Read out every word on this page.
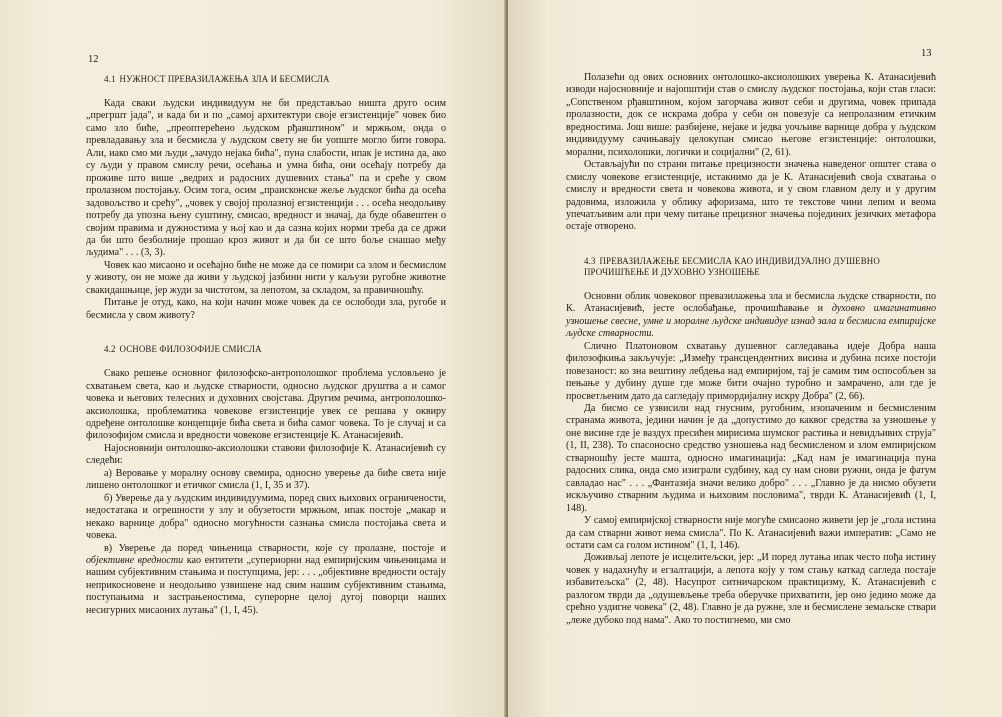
12
13
4.1 НУЖНОСТ ПРЕВАЗИЛАЖЕЊА ЗЛА И БЕСМИСЛА

Када сваки људски индивидуум не би представљао ништа друго осим „прегршт јада", и када би и по „самој архитектури своје егзистенције" човек био само зло биће, „преоптерећено људском рђавштином" и мржњом, онда о превладавању зла и бесмисла у људском свету не би уопште могло бити говора. Али, иако смо ми људи „зачудо нејака бића", пуна слабости, ипак је истина да, ако су људи у правом смислу речи, осећања и умна бића, они осећају потребу да проживе што више „ведрих и радосних душевних стања" па и среће у свом пролазном постојању. Осим тога, осим „праисконске жеље људског бића да осећа задовољство и срећу", „човек у својој пролазној егзистенцији . . . осећа неодољиву потребу да упозна њену суштину, смисао, вредност и значај, да буде обавештен о својим правима и дужностима у њој као и да сазна којих норми треба да се држи да би што безболније прошао кроз живот и да би се што боље снашао међу људима" . . . (3, 3).

Човек као мисаоно и осећајно биће не може да се помири са злом и бесмислом у животу, он не може да живи у људској јазбини нити у каљузи ругобне животне свакидашњице, јер жуди за чистотом, за лепотом, за складом, за правичношћу.

Питање је отуд, како, на који начин може човек да се ослободи зла, ругобе и бесмисла у свом животу?

4.2 ОСНОВЕ ФИЛОЗОФИЈЕ СМИСЛА

Свако решење основног филозофско-антрополошког проблема условљено је схватањем света, као и људске стварности, односно људског друштва а и самог човека и његових телесних и духовних својстава. Другим речима, антрополошко-аксиолошка, проблематика човекове егзистенције увек се решава у оквиру одређене онтолошке концепције бића света и бића самог човека. То је случај и са филозофијом смисла и вредности човекове егзистенције К. Атанасијевић.

Најосновнији онтолошко-аксиолошки ставови филозофије К. Атанасијевић су следећи:

а) Веровање у моралну основу свемира, односно уверење да биће света није лишено онтолошког и етичког смисла (1, I, 35 и 37).

б) Уверење да у људским индивидуумима, поред свих њихових ограничености, недостатака и огрешности у злу и обузетости мржњом, ипак постоје „макар и некако варнице добра" односно могућности сазнања смисла постојања света и човека.

в) Уверење да поред чињеница стварности, које су пролазне, постоје и објективне вредности као ентитети „супериорни над емпиријским чињеницама и нашим субјективним стањима и поступцима, јер: . . . „објективне вредности остају неприкосновене и неодољиво узвишене над свим нашим субјективним стањима, поступањима и застрањеностима, суперорне целој дугој поворци наших несигурних мисаоних лутања" (1, I, 45).

Полазећи од ових основних онтолошко-аксиолошких уверења К. Атанасијевић изводи најосновније и најопштији став о смислу људског постојања, који став гласи: „Сопственом рђавштином, којом загорчава живот себи и другима, човек припада пролазности, док се искрама добра у себи он повезује са непролазним етичким вредностима. Још више: разбијене, нејаке и једва уочљиве варнице добра у људском индивидууму сачињавају целокупан смисао његове егзистенције: онтолошки, морални, психолошки, логички и социјални" (2, 61).

Остављајући по страни питање прецизности значења наведеног општег става о смислу човекове егзистенције, истакнимо да је К. Атанасијевић своја схватања о смислу и вредности света и човекова живота, и у свом главном делу и у другим радовима, изложила у облику афоризама, што те текстове чини лепим и веома упечатљивим али при чему питање прецизног значења појединих језичких метафора остаје отворено.

4.3 ПРЕВАЗИЛАЖЕЊЕ БЕСМИСЛА КАО ИНДИВИДУАЛНО ДУШЕВНО
ПРОЧИШЋЕЊЕ И ДУХОВНО УЗНОШЕЊЕ

Основни облик човековог превазилажења зла и бесмисла људске стварности, по К. Атанасијевић, јесте ослобађање, прочишћавање и духовно имагинативно узношење свесне, умне и моралне људске индивидуе изнад зала и бесмисла емпиријске људске стварности.

Слично Платоновом схватању душевног сагледавања идеје Добра наша филозофкиња закључује: „Између трансцендентних висина и дубина психе постоји повезаност: ко зна вештину лебдења над емпиријом, тај је самим тим оспособљен за пењање у дубину душе где може бити очајно туробно и замрачено, али где је просветљеним дато да сагледају примордијалну искру Добра" (2, 66).

Да бисмо се узвисили над гнусним, ругобним, изопаченим и бесмисленим странама живота, једини начин је да „допустимо до каквог средства за узношење у оне висине где је ваздух пресићен мирисима шумског растиња и невидљивих струја" (1, II, 238). То спасоносно средство узношења над бесмисленом и злом емпиријском стварношћу јесте машта, односно имагинација: „Кад нам је имагинација пуна радосних слика, онда смо изиграли судбину, кад су нам снови ружни, онда је фатум савладао нас" . . . „Фантазија значи велико добро" . . . „Главно је да нисмо обузети искључиво стварним људима и њиховим пословима", тврди К. Атанасијевић (1, I, 148).

У самој емпиријској стварности није могуће смисаоно живети јер је „гола истина да сам стварни живот нема смисла". По К. Атанасијевић важи императив: „Само не остати сам са голом истином" (1, I, 146).

Доживљај лепоте је исцелитељски, јер: „И поред лутања ипак често пођа истину човек у надахнућу и егзалтацији, а лепота коју у том стању каткад сагледа постаје избавитељска" (2, 48). Насупрот ситничарском практицизму, К. Атанасијевић с разлогом тврди да „одушевљење треба оберучке прихватити, јер оно једино може да срећно уздигне човека" (2, 48). Главно је да ружне, зле и бесмислене земаљске ствари „леже дубоко под нама". Ако то постигнемо, ми смо
